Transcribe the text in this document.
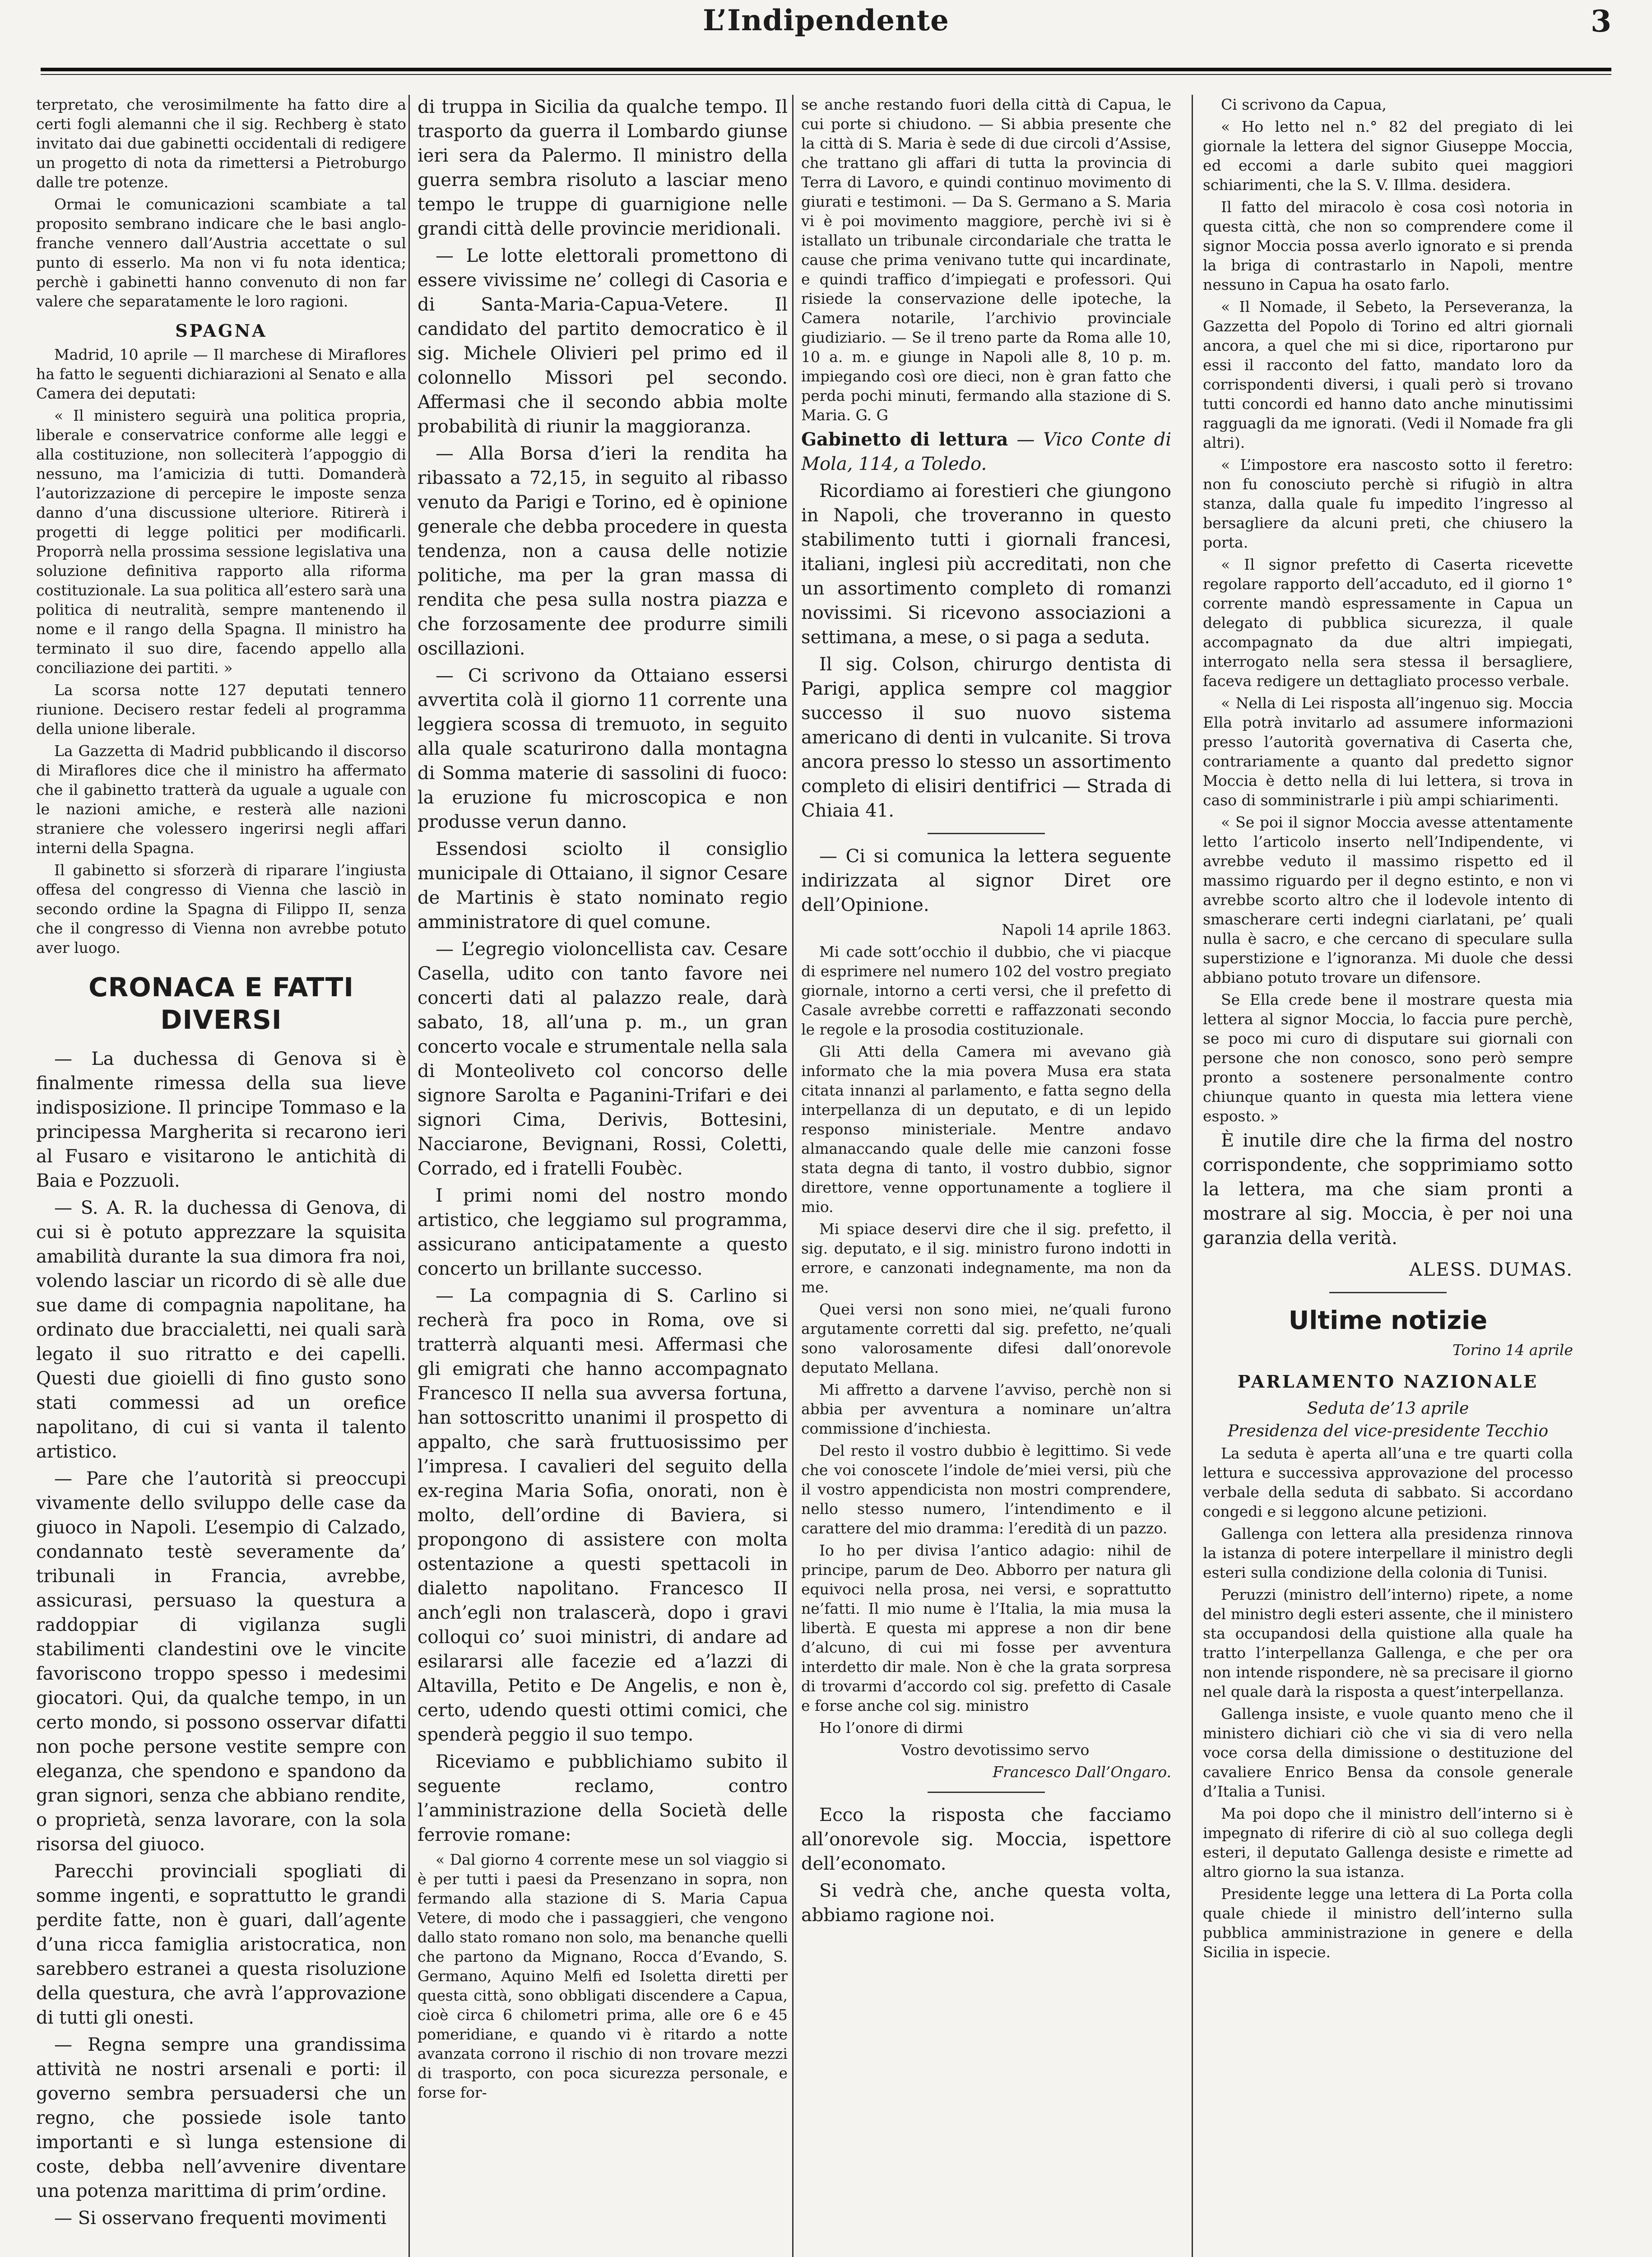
L’Indipendente	3

terpretato, che verosimilmente ha fatto dire a certi fogli alemanni che il sig. Rechberg è stato invitato dai due gabinetti occidentali di redigere un progetto di nota da rimettersi a Pietroburgo dalle tre potenze.

Ormai le comunicazioni scambiate a tal proposito sembrano indicare che le basi anglo-franche vennero dall’Austria accettate o sul punto di esserlo. Ma non vi fu nota identica; perchè i gabinetti hanno convenuto di non far valere che separatamente le loro ragioni.

SPAGNA

Madrid, 10 aprile — Il marchese di Miraflores ha fatto le seguenti dichiarazioni al Senato e alla Camera dei deputati:

« Il ministero seguirà una politica propria, liberale e conservatrice conforme alle leggi e alla costituzione, non solleciterà l’appoggio di nessuno, ma l’amicizia di tutti. Domanderà l’autorizzazione di percepire le imposte senza danno d’una discussione ulteriore. Ritirerà i progetti di legge politici per modificarli. Proporrà nella prossima sessione legislativa una soluzione definitiva rapporto alla riforma costituzionale. La sua politica all’estero sarà una politica di neutralità, sempre mantenendo il nome e il rango della Spagna. Il ministro ha terminato il suo dire, facendo appello alla conciliazione dei partiti. »

La scorsa notte 127 deputati tennero riunione. Decisero restar fedeli al programma della unione liberale.

La Gazzetta di Madrid pubblicando il discorso di Miraflores dice che il ministro ha affermato che il gabinetto tratterà da uguale a uguale con le nazioni amiche, e resterà alle nazioni straniere che volessero ingerirsi negli affari interni della Spagna.

Il gabinetto si sforzerà di riparare l’ingiusta offesa del congresso di Vienna che lasciò in secondo ordine la Spagna di Filippo II, senza che il congresso di Vienna non avrebbe potuto aver luogo.

CRONACA E FATTI DIVERSI

— La duchessa di Genova si è finalmente rimessa della sua lieve indisposizione. Il principe Tommaso e la principessa Margherita si recarono ieri al Fusaro e visitarono le antichità di Baia e Pozzuoli.

— S. A. R. la duchessa di Genova, di cui si è potuto apprezzare la squisita amabilità durante la sua dimora fra noi, volendo lasciar un ricordo di sè alle due sue dame di compagnia napolitane, ha ordinato due braccialetti, nei quali sarà legato il suo ritratto e dei capelli. Questi due gioielli di fino gusto sono stati commessi ad un orefice napolitano, di cui si vanta il talento artistico.

— Pare che l’autorità si preoccupi vivamente dello sviluppo delle case da giuoco in Napoli. L’esempio di Calzado, condannato testè severamente da’ tribunali in Francia, avrebbe, assicurasi, persuaso la questura a raddoppiar di vigilanza sugli stabilimenti clandestini ove le vincite favoriscono troppo spesso i medesimi giocatori. Qui, da qualche tempo, in un certo mondo, si possono osservar difatti non poche persone vestite sempre con eleganza, che spendono e spandono da gran signori, senza che abbiano rendite, o proprietà, senza lavorare, con la sola risorsa del giuoco.

Parecchi provinciali spogliati di somme ingenti, e soprattutto le grandi perdite fatte, non è guari, dall’agente d’una ricca famiglia aristocratica, non sarebbero estranei a questa risoluzione della questura, che avrà l’approvazione di tutti gli onesti.

— Regna sempre una grandissima attività ne nostri arsenali e porti: il governo sembra persuadersi che un regno, che possiede isole tanto importanti e sì lunga estensione di coste, debba nell’avvenire diventare una potenza marittima di prim’ordine.

— Si osservano frequenti movimenti

di truppa in Sicilia da qualche tempo. Il trasporto da guerra il Lombardo giunse ieri sera da Palermo. Il ministro della guerra sembra risoluto a lasciar meno tempo le truppe di guarnigione nelle grandi città delle provincie meridionali.

— Le lotte elettorali promettono di essere vivissime ne’ collegi di Casoria e di Santa-Maria-Capua-Vetere. Il candidato del partito democratico è il sig. Michele Olivieri pel primo ed il colonnello Missori pel secondo. Affermasi che il secondo abbia molte probabilità di riunir la maggioranza.

— Alla Borsa d’ieri la rendita ha ribassato a 72,15, in seguito al ribasso venuto da Parigi e Torino, ed è opinione generale che debba procedere in questa tendenza, non a causa delle notizie politiche, ma per la gran massa di rendita che pesa sulla nostra piazza e che forzosamente dee produrre simili oscillazioni.

— Ci scrivono da Ottaiano essersi avvertita colà il giorno 11 corrente una leggiera scossa di tremuoto, in seguito alla quale scaturirono dalla montagna di Somma materie di sassolini di fuoco: la eruzione fu microscopica e non produsse verun danno.

Essendosi sciolto il consiglio municipale di Ottaiano, il signor Cesare de Martinis è stato nominato regio amministratore di quel comune.

— L’egregio violoncellista cav. Cesare Casella, udito con tanto favore nei concerti dati al palazzo reale, darà sabato, 18, all’una p. m., un gran concerto vocale e strumentale nella sala di Monteoliveto col concorso delle signore Sarolta e Paganini-Trifari e dei signori Cima, Derivis, Bottesini, Nacciarone, Bevignani, Rossi, Coletti, Corrado, ed i fratelli Foubèc.

I primi nomi del nostro mondo artistico, che leggiamo sul programma, assicurano anticipatamente a questo concerto un brillante successo.

— La compagnia di S. Carlino si recherà fra poco in Roma, ove si tratterrà alquanti mesi. Affermasi che gli emigrati che hanno accompagnato Francesco II nella sua avversa fortuna, han sottoscritto unanimi il prospetto di appalto, che sarà fruttuosissimo per l’impresa. I cavalieri del seguito della ex-regina Maria Sofia, onorati, non è molto, dell’ordine di Baviera, si propongono di assistere con molta ostentazione a questi spettacoli in dialetto napolitano. Francesco II anch’egli non tralascerà, dopo i gravi colloqui co’ suoi ministri, di andare ad esilararsi alle facezie ed a’lazzi di Altavilla, Petito e De Angelis, e non è, certo, udendo questi ottimi comici, che spenderà peggio il suo tempo.

Riceviamo e pubblichiamo subito il seguente reclamo, contro l’amministrazione della Società delle ferrovie romane:

« Dal giorno 4 corrente mese un sol viaggio si è per tutti i paesi da Presenzano in sopra, non fermando alla stazione di S. Maria Capua Vetere, di modo che i passaggieri, che vengono dallo stato romano non solo, ma benanche quelli che partono da Mignano, Rocca d’Evando, S. Germano, Aquino Melfi ed Isoletta diretti per questa città, sono obbligati discendere a Capua, cioè circa 6 chilometri prima, alle ore 6 e 45 pomeridiane, e quando vi è ritardo a notte avanzata corrono il rischio di non trovare mezzi di trasporto, con poca sicurezza personale, e forse for-

se anche restando fuori della città di Capua, le cui porte si chiudono. — Si abbia presente che la città di S. Maria è sede di due circoli d’Assise, che trattano gli affari di tutta la provincia di Terra di Lavoro, e quindi continuo movimento di giurati e testimoni. — Da S. Germano a S. Maria vi è poi movimento maggiore, perchè ivi si è istallato un tribunale circondariale che tratta le cause che prima venivano tutte qui incardinate, e quindi traffico d’impiegati e professori. Qui risiede la conservazione delle ipoteche, la Camera notarile, l’archivio provinciale giudiziario. — Se il treno parte da Roma alle 10, 10 a. m. e giunge in Napoli alle 8, 10 p. m. impiegando così ore dieci, non è gran fatto che perda pochi minuti, fermando alla stazione di S. Maria. G. G

Gabinetto di lettura — Vico Conte di Mola, 114, a Toledo.

Ricordiamo ai forestieri che giungono in Napoli, che troveranno in questo stabilimento tutti i giornali francesi, italiani, inglesi più accreditati, non che un assortimento completo di romanzi novissimi. Si ricevono associazioni a settimana, a mese, o si paga a seduta.

Il sig. Colson, chirurgo dentista di Parigi, applica sempre col maggior successo il suo nuovo sistema americano di denti in vulcanite. Si trova ancora presso lo stesso un assortimento completo di elisiri dentifrici — Strada di Chiaia 41.

— Ci si comunica la lettera seguente indirizzata al signor Diret ore dell’Opinione.

Napoli 14 aprile 1863.

Mi cade sott’occhio il dubbio, che vi piacque di esprimere nel numero 102 del vostro pregiato giornale, intorno a certi versi, che il prefetto di Casale avrebbe corretti e raffazzonati secondo le regole e la prosodia costituzionale.

Gli Atti della Camera mi avevano già informato che la mia povera Musa era stata citata innanzi al parlamento, e fatta segno della interpellanza di un deputato, e di un lepido responso ministeriale. Mentre andavo almanaccando quale delle mie canzoni fosse stata degna di tanto, il vostro dubbio, signor direttore, venne opportunamente a togliere il mio.

Mi spiace deservi dire che il sig. prefetto, il sig. deputato, e il sig. ministro furono indotti in errore, e canzonati indegnamente, ma non da me.

Quei versi non sono miei, ne’quali furono argutamente corretti dal sig. prefetto, ne’quali sono valorosamente difesi dall’onorevole deputato Mellana.

Mi affretto a darvene l’avviso, perchè non si abbia per avventura a nominare un’altra commissione d’inchiesta.

Del resto il vostro dubbio è legittimo. Si vede che voi conoscete l’indole de’miei versi, più che il vostro appendicista non mostri comprendere, nello stesso numero, l’intendimento e il carattere del mio dramma: l’eredità di un pazzo.

Io ho per divisa l’antico adagio: nihil de principe, parum de Deo. Abborro per natura gli equivoci nella prosa, nei versi, e soprattutto ne’fatti. Il mio nume è l’Italia, la mia musa la libertà. E questa mi apprese a non dir bene d’alcuno, di cui mi fosse per avventura interdetto dir male. Non è che la grata sorpresa di trovarmi d’accordo col sig. prefetto di Casale e forse anche col sig. ministro

Ho l’onore di dirmi

Vostro devotissimo servo

Francesco Dall’Ongaro.

Ecco la risposta che facciamo all’onorevole sig. Moccia, ispettore dell’economato.

Si vedrà che, anche questa volta, abbiamo ragione noi.

Ci scrivono da Capua,

« Ho letto nel n.° 82 del pregiato di lei giornale la lettera del signor Giuseppe Moccia, ed eccomi a darle subito quei maggiori schiarimenti, che la S. V. Illma. desidera.

Il fatto del miracolo è cosa così notoria in questa città, che non so comprendere come il signor Moccia possa averlo ignorato e si prenda la briga di contrastarlo in Napoli, mentre nessuno in Capua ha osato farlo.

« Il Nomade, il Sebeto, la Perseveranza, la Gazzetta del Popolo di Torino ed altri giornali ancora, a quel che mi si dice, riportarono pur essi il racconto del fatto, mandato loro da corrispondenti diversi, i quali però si trovano tutti concordi ed hanno dato anche minutissimi ragguagli da me ignorati. (Vedi il Nomade fra gli altri).

« L’impostore era nascosto sotto il feretro: non fu conosciuto perchè si rifugiò in altra stanza, dalla quale fu impedito l’ingresso al bersagliere da alcuni preti, che chiusero la porta.

« Il signor prefetto di Caserta ricevette regolare rapporto dell’accaduto, ed il giorno 1° corrente mandò espressamente in Capua un delegato di pubblica sicurezza, il quale accompagnato da due altri impiegati, interrogato nella sera stessa il bersagliere, faceva redigere un dettagliato processo verbale.

« Nella di Lei risposta all’ingenuo sig. Moccia Ella potrà invitarlo ad assumere informazioni presso l’autorità governativa di Caserta che, contrariamente a quanto dal predetto signor Moccia è detto nella di lui lettera, si trova in caso di somministrarle i più ampi schiarimenti.

« Se poi il signor Moccia avesse attentamente letto l’articolo inserto nell’Indipendente, vi avrebbe veduto il massimo rispetto ed il massimo riguardo per il degno estinto, e non vi avrebbe scorto altro che il lodevole intento di smascherare certi indegni ciarlatani, pe’ quali nulla è sacro, e che cercano di speculare sulla superstizione e l’ignoranza. Mi duole che dessi abbiano potuto trovare un difensore.

Se Ella crede bene il mostrare questa mia lettera al signor Moccia, lo faccia pure perchè, se poco mi curo di disputare sui giornali con persone che non conosco, sono però sempre pronto a sostenere personalmente contro chiunque quanto in questa mia lettera viene esposto. »

È inutile dire che la firma del nostro corrispondente, che sopprimiamo sotto la lettera, ma che siam pronti a mostrare al sig. Moccia, è per noi una garanzia della verità.

ALESS. DUMAS.
Ultime notizie
Torino 14 aprile
PARLAMENTO NAZIONALE
Seduta de’13 aprile
Presidenza del vice-presidente Tecchio

La seduta è aperta all’una e tre quarti colla lettura e successiva approvazione del processo verbale della seduta di sabbato. Si accordano congedi e si leggono alcune petizioni.

Gallenga con lettera alla presidenza rinnova la istanza di potere interpellare il ministro degli esteri sulla condizione della colonia di Tunisi.

Peruzzi (ministro dell’interno) ripete, a nome del ministro degli esteri assente, che il ministero sta occupandosi della quistione alla quale ha tratto l’interpellanza Gallenga, e che per ora non intende rispondere, nè sa precisare il giorno nel quale darà la risposta a quest’interpellanza.

Gallenga insiste, e vuole quanto meno che il ministero dichiari ciò che vi sia di vero nella voce corsa della dimissione o destituzione del cavaliere Enrico Bensa da console generale d’Italia a Tunisi.

Ma poi dopo che il ministro dell’interno si è impegnato di riferire di ciò al suo collega degli esteri, il deputato Gallenga desiste e rimette ad altro giorno la sua istanza.

Presidente legge una lettera di La Porta colla quale chiede il ministro dell’interno sulla pubblica amministrazione in genere e della Sicilia in ispecie.
